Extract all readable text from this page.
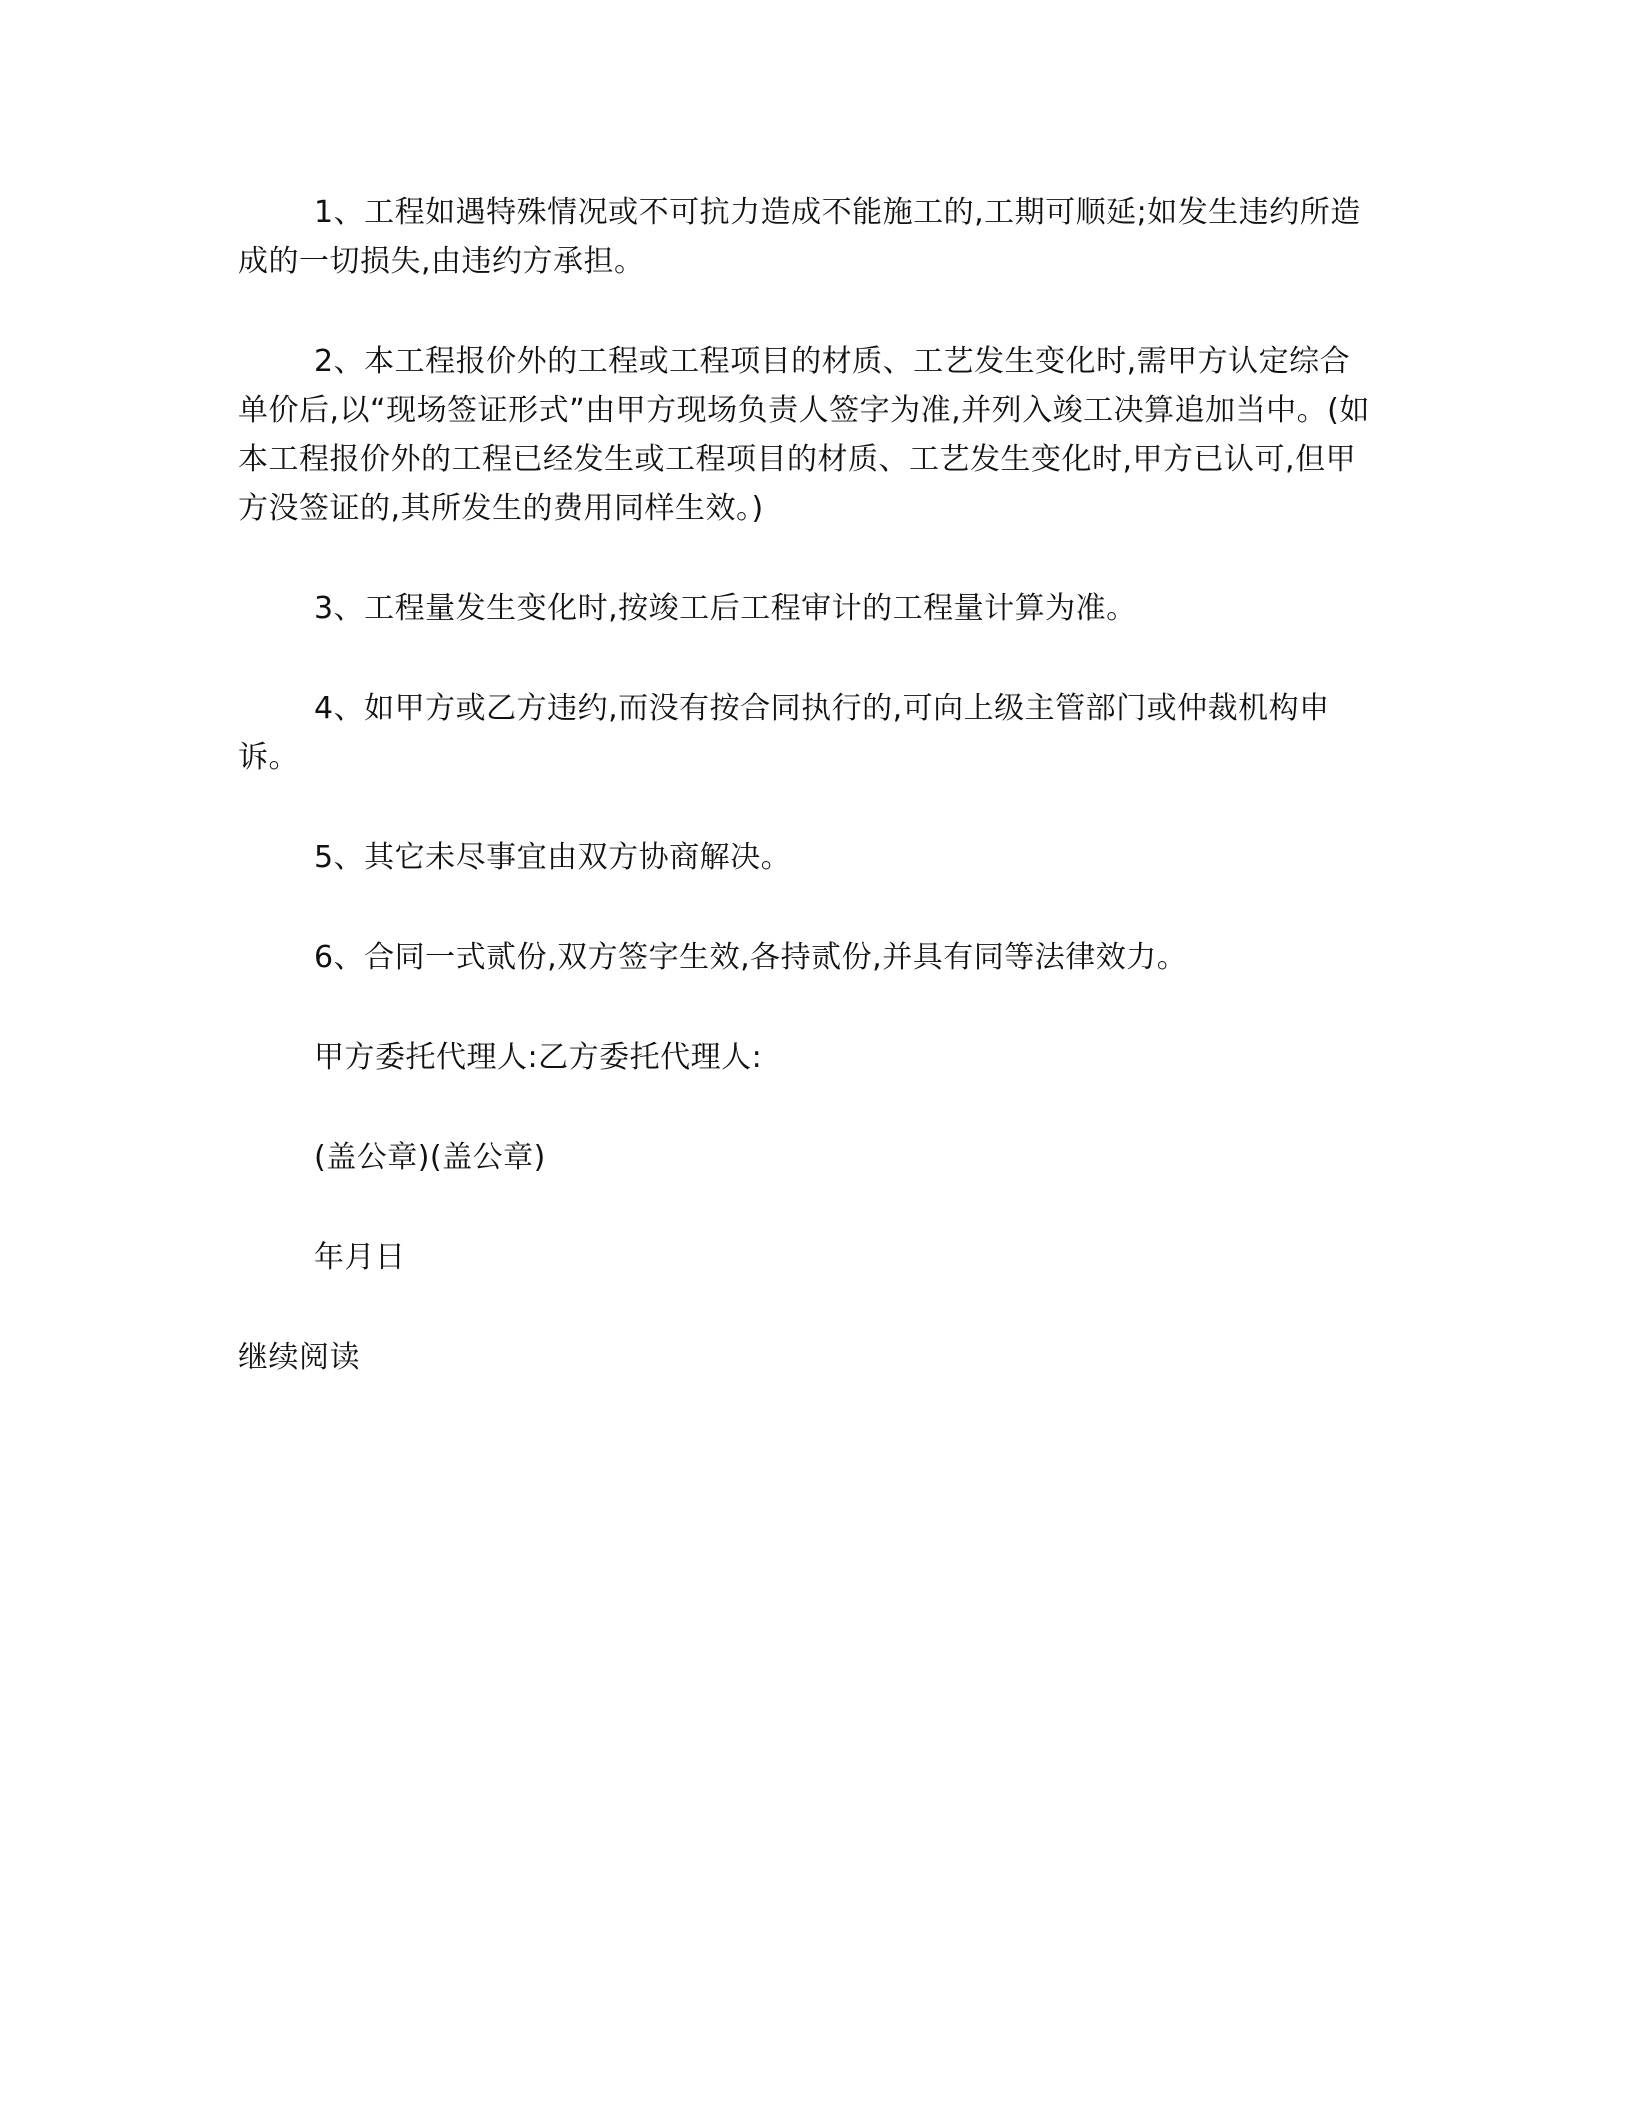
1、工程如遇特殊情况或不可抗力造成不能施工的,工期可顺延;如发生违约所造成的一切损失,由违约方承担。

2、本工程报价外的工程或工程项目的材质、工艺发生变化时,需甲方认定综合单价后,以“现场签证形式”由甲方现场负责人签字为准,并列入竣工决算追加当中。(如本工程报价外的工程已经发生或工程项目的材质、工艺发生变化时,甲方已认可,但甲方没签证的,其所发生的费用同样生效。)

3、工程量发生变化时,按竣工后工程审计的工程量计算为准。

4、如甲方或乙方违约,而没有按合同执行的,可向上级主管部门或仲裁机构申诉。

5、其它未尽事宜由双方协商解决。

6、合同一式贰份,双方签字生效,各持贰份,并具有同等法律效力。

甲方委托代理人:乙方委托代理人:

(盖公章)(盖公章)

年月日

继续阅读
